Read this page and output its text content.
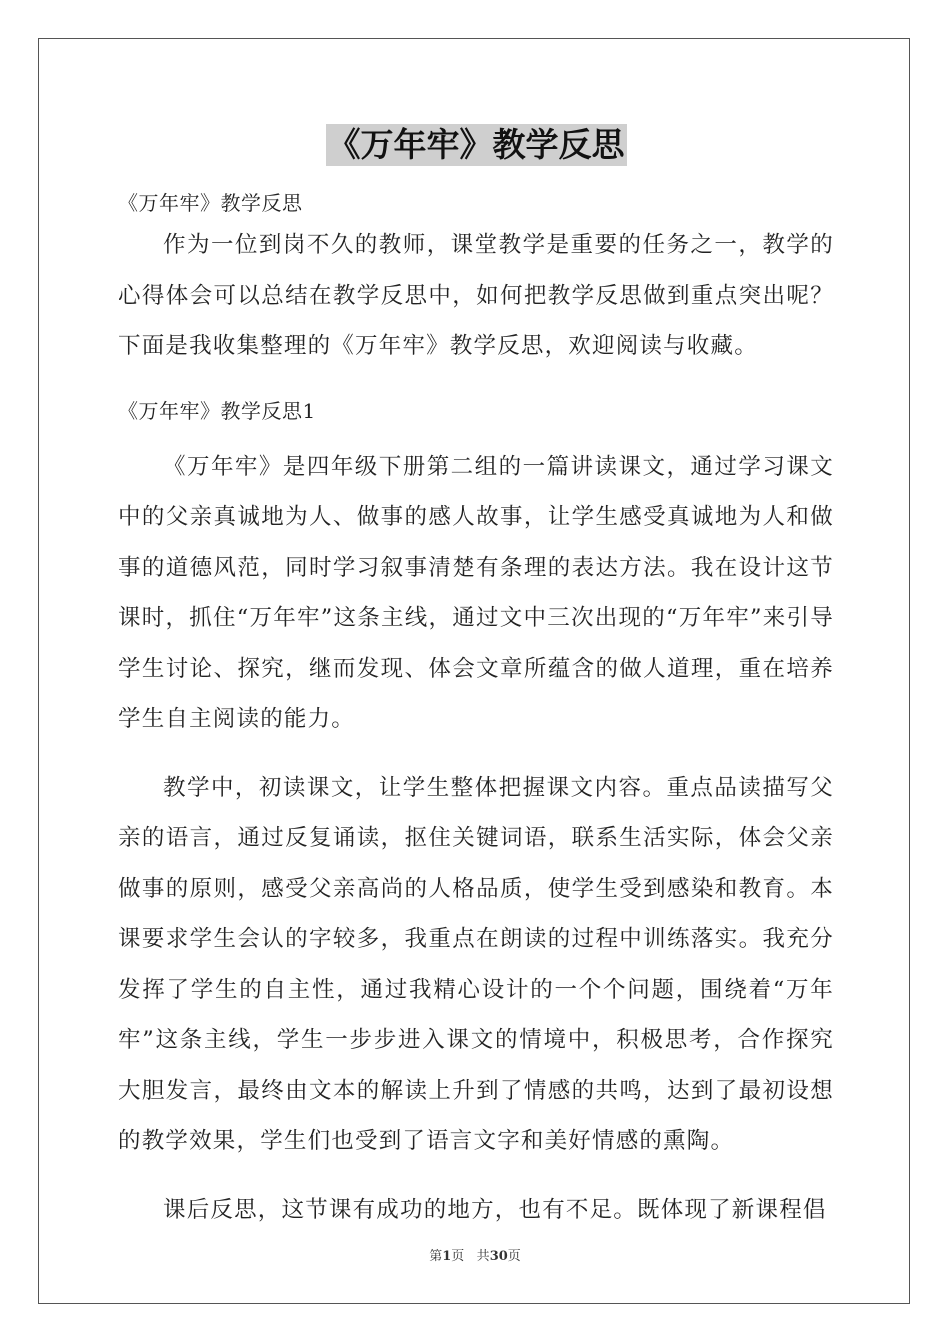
《万年牢》教学反思

《万年牢》教学反思

作为一位到岗不久的教师，课堂教学是重要的任务之一，教学的心得体会可以总结在教学反思中，如何把教学反思做到重点突出呢？下面是我收集整理的《万年牢》教学反思，欢迎阅读与收藏。

《万年牢》教学反思1

《万年牢》是四年级下册第二组的一篇讲读课文，通过学习课文中的父亲真诚地为人、做事的感人故事，让学生感受真诚地为人和做事的道德风范，同时学习叙事清楚有条理的表达方法。我在设计这节课时，抓住“万年牢”这条主线，通过文中三次出现的“万年牢”来引导学生讨论、探究，继而发现、体会文章所蕴含的做人道理，重在培养学生自主阅读的能力。

教学中，初读课文，让学生整体把握课文内容。重点品读描写父亲的语言，通过反复诵读，抠住关键词语，联系生活实际，体会父亲做事的原则，感受父亲高尚的人格品质，使学生受到感染和教育。本课要求学生会认的字较多，我重点在朗读的过程中训练落实。我充分发挥了学生的自主性，通过我精心设计的一个个问题，围绕着“万年牢”这条主线，学生一步步进入课文的情境中，积极思考，合作探究大胆发言，最终由文本的解读上升到了情感的共鸣，达到了最初设想的教学效果，学生们也受到了语言文字和美好情感的熏陶。

课后反思，这节课有成功的地方，也有不足。既体现了新课程倡

第1页 共30页
